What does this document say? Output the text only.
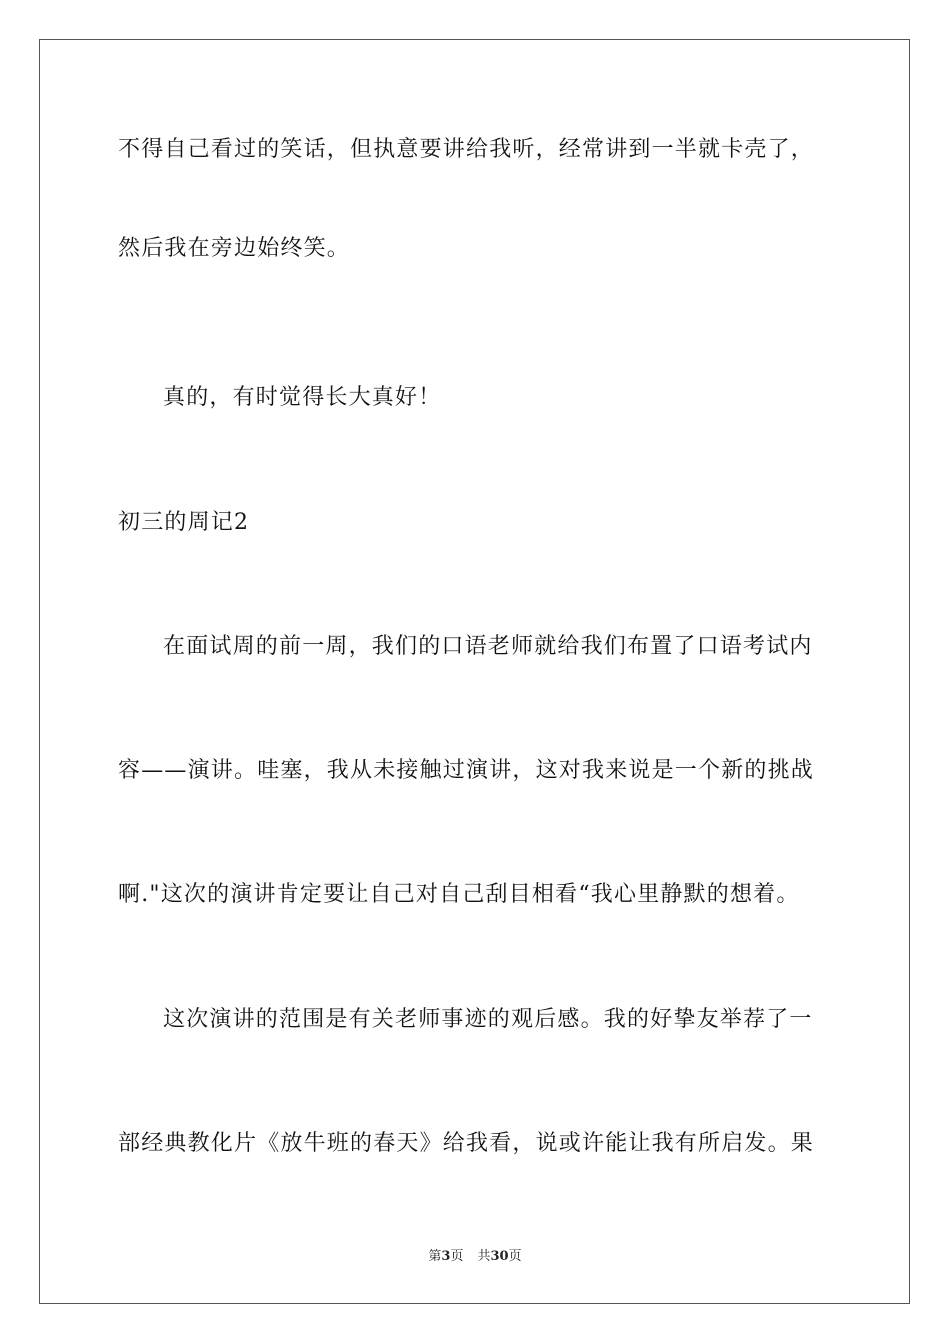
不得自己看过的笑话，但执意要讲给我听，经常讲到一半就卡壳了，
然后我在旁边始终笑。
真的，有时觉得长大真好！
初三的周记2
在面试周的前一周，我们的口语老师就给我们布置了口语考试内
容——演讲。哇塞，我从未接触过演讲，这对我来说是一个新的挑战
啊."这次的演讲肯定要让自己对自己刮目相看“我心里静默的想着。
这次演讲的范围是有关老师事迹的观后感。我的好挚友举荐了一
部经典教化片《放牛班的春天》给我看，说或许能让我有所启发。果
第3页 共30页
